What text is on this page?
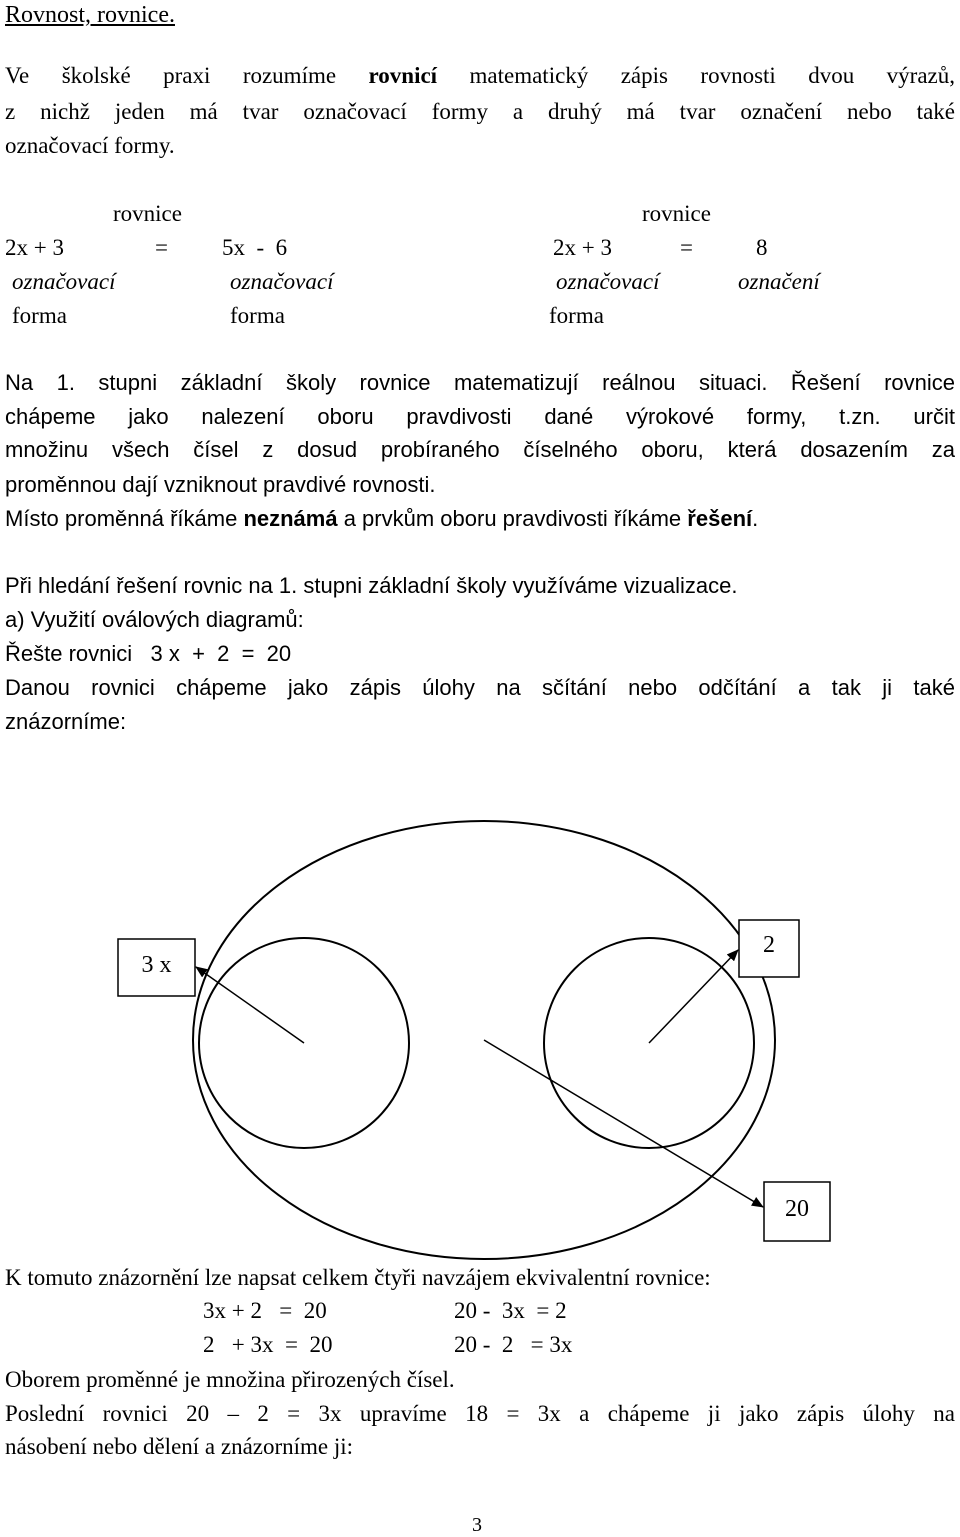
Rovnost, rovnice.
Ve školské praxi rozumíme rovnicí matematický zápis rovnosti dvou výrazů,
z nichž jeden má tvar označovací formy a druhý má tvar označení nebo také
označovací formy.
rovnice	rovnice
2x + 3	= 5x  -  6	2x + 3	=	8
označovací	označovací	označovací	označení
forma	forma	forma
Na 1. stupni základní školy rovnice matematizují reálnou situaci. Řešení rovnice
chápeme jako nalezení oboru pravdivosti dané výrokové formy, t.zn. určit
množinu všech čísel z dosud probíraného číselného oboru, která dosazením za
proměnnou dají vzniknout pravdivé rovnosti.
Místo proměnná říkáme neznámá a prvkům oboru pravdivosti říkáme řešení.
Při hledání řešení rovnic na 1. stupni základní školy využíváme vizualizace.
a) Využití oválových diagramů:
Řešte rovnici   3 x  +  2  =  20
Danou rovnici chápeme jako zápis úlohy na sčítání nebo odčítání a tak ji také
znázorníme:
3 x
2
20
K tomuto znázornění lze napsat celkem čtyři navzájem ekvivalentní rovnice:
3x + 2   =  20	20 -  3x  = 2
2   + 3x  =  20	20 -  2   = 3x
Oborem proměnné je množina přirozených čísel.
Poslední rovnici 20 – 2 = 3x upravíme 18 = 3x a chápeme ji jako zápis úlohy na
násobení nebo dělení a znázorníme ji:
3
